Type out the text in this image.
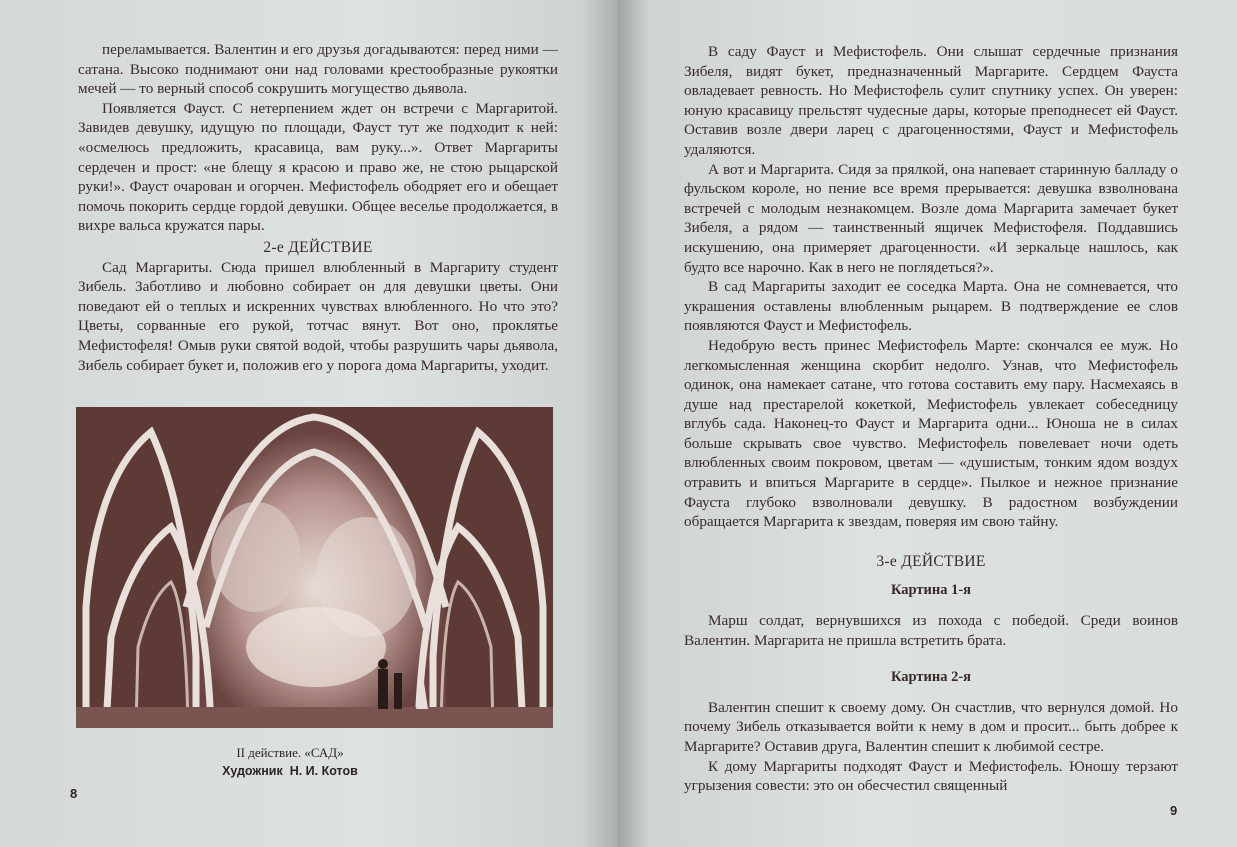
переламывается. Валентин и его друзья догадываются: перед ними — сатана. Высоко поднимают они над головами крестообразные рукоятки мечей — то верный способ сокрушить могущество дьявола.

Появляется Фауст. С нетерпением ждет он встречи с Маргаритой. Завидев девушку, идущую по площади, Фауст тут же подходит к ней: «осмелюсь предложить, красавица, вам руку...». Ответ Маргариты сердечен и прост: «не блещу я красою и право же, не стою рыцарской руки!». Фауст очарован и огорчен. Мефистофель ободряет его и обещает помочь покорить сердце гордой девушки. Общее веселье продолжается, в вихре вальса кружатся пары.

2-е ДЕЙСТВИЕ

Сад Маргариты. Сюда пришел влюбленный в Маргариту студент Зибель. Заботливо и любовно собирает он для девушки цветы. Они поведают ей о теплых и искренних чувствах влюбленного. Но что это? Цветы, сорванные его рукой, тотчас вянут. Вот оно, проклятье Мефистофеля! Омыв руки святой водой, чтобы разрушить чары дьявола, Зибель собирает букет и, положив его у порога дома Маргариты, уходит.

II действие. «САД»
Художник Н. И. Котов
8

В саду Фауст и Мефистофель. Они слышат сердечные признания Зибеля, видят букет, предназначенный Маргарите. Сердцем Фауста овладевает ревность. Но Мефистофель сулит спутнику успех. Он уверен: юную красавицу прельстят чудесные дары, которые преподнесет ей Фауст. Оставив возле двери ларец с драгоценностями, Фауст и Мефистофель удаляются.

А вот и Маргарита. Сидя за прялкой, она напевает старинную балладу о фульском короле, но пение все время прерывается: девушка взволнована встречей с молодым незнакомцем. Возле дома Маргарита замечает букет Зибеля, а рядом — таинственный ящичек Мефистофеля. Поддавшись искушению, она примеряет драгоценности. «И зеркальце нашлось, как будто все нарочно. Как в него не поглядеться?».

В сад Маргариты заходит ее соседка Марта. Она не сомневается, что украшения оставлены влюбленным рыцарем. В подтверждение ее слов появляются Фауст и Мефистофель.

Недобрую весть принес Мефистофель Марте: скончался ее муж. Но легкомысленная женщина скорбит недолго. Узнав, что Мефистофель одинок, она намекает сатане, что готова составить ему пару. Насмехаясь в душе над престарелой кокеткой, Мефистофель увлекает собеседницу вглубь сада. Наконец-то Фауст и Маргарита одни... Юноша не в силах больше скрывать свое чувство. Мефистофель повелевает ночи одеть влюбленных своим покровом, цветам — «душистым, тонким ядом воздух отравить и впиться Маргарите в сердце». Пылкое и нежное признание Фауста глубоко взволновали девушку. В радостном возбуждении обращается Маргарита к звездам, поверяя им свою тайну.

3-е ДЕЙСТВИЕ

Картина 1-я

Марш солдат, вернувшихся из похода с победой. Среди воинов Валентин. Маргарита не пришла встретить брата.

Картина 2-я

Валентин спешит к своему дому. Он счастлив, что вернулся домой. Но почему Зибель отказывается войти к нему в дом и просит... быть добрее к Маргарите? Оставив друга, Валентин спешит к любимой сестре.

К дому Маргариты подходят Фауст и Мефистофель. Юношу терзают угрызения совести: это он обесчестил священный

9
